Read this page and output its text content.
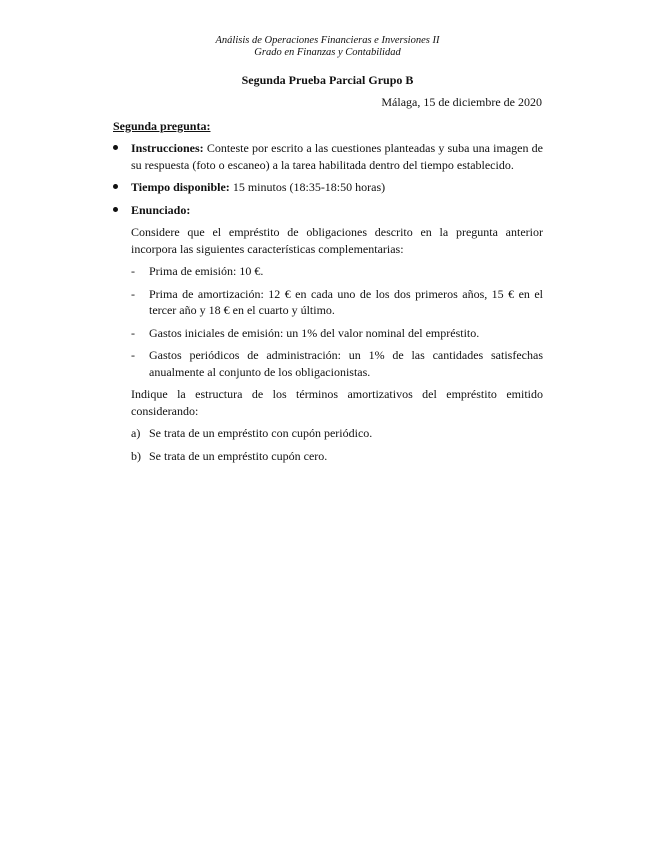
Análisis de Operaciones Financieras e Inversiones II
Grado en Finanzas y Contabilidad
Segunda Prueba Parcial Grupo B
Málaga, 15 de diciembre de 2020
Segunda pregunta:
Instrucciones: Conteste por escrito a las cuestiones planteadas y suba una imagen de su respuesta (foto o escaneo) a la tarea habilitada dentro del tiempo establecido.
Tiempo disponible: 15 minutos (18:35-18:50 horas)
Enunciado:

Considere que el empréstito de obligaciones descrito en la pregunta anterior incorpora las siguientes características complementarias:

- Prima de emisión: 10 €.
- Prima de amortización: 12 € en cada uno de los dos primeros años, 15 € en el tercer año y 18 € en el cuarto y último.
- Gastos iniciales de emisión: un 1% del valor nominal del empréstito.
- Gastos periódicos de administración: un 1% de las cantidades satisfechas anualmente al conjunto de los obligacionistas.

Indique la estructura de los términos amortizativos del empréstito emitido considerando:

a) Se trata de un empréstito con cupón periódico.
b) Se trata de un empréstito cupón cero.
